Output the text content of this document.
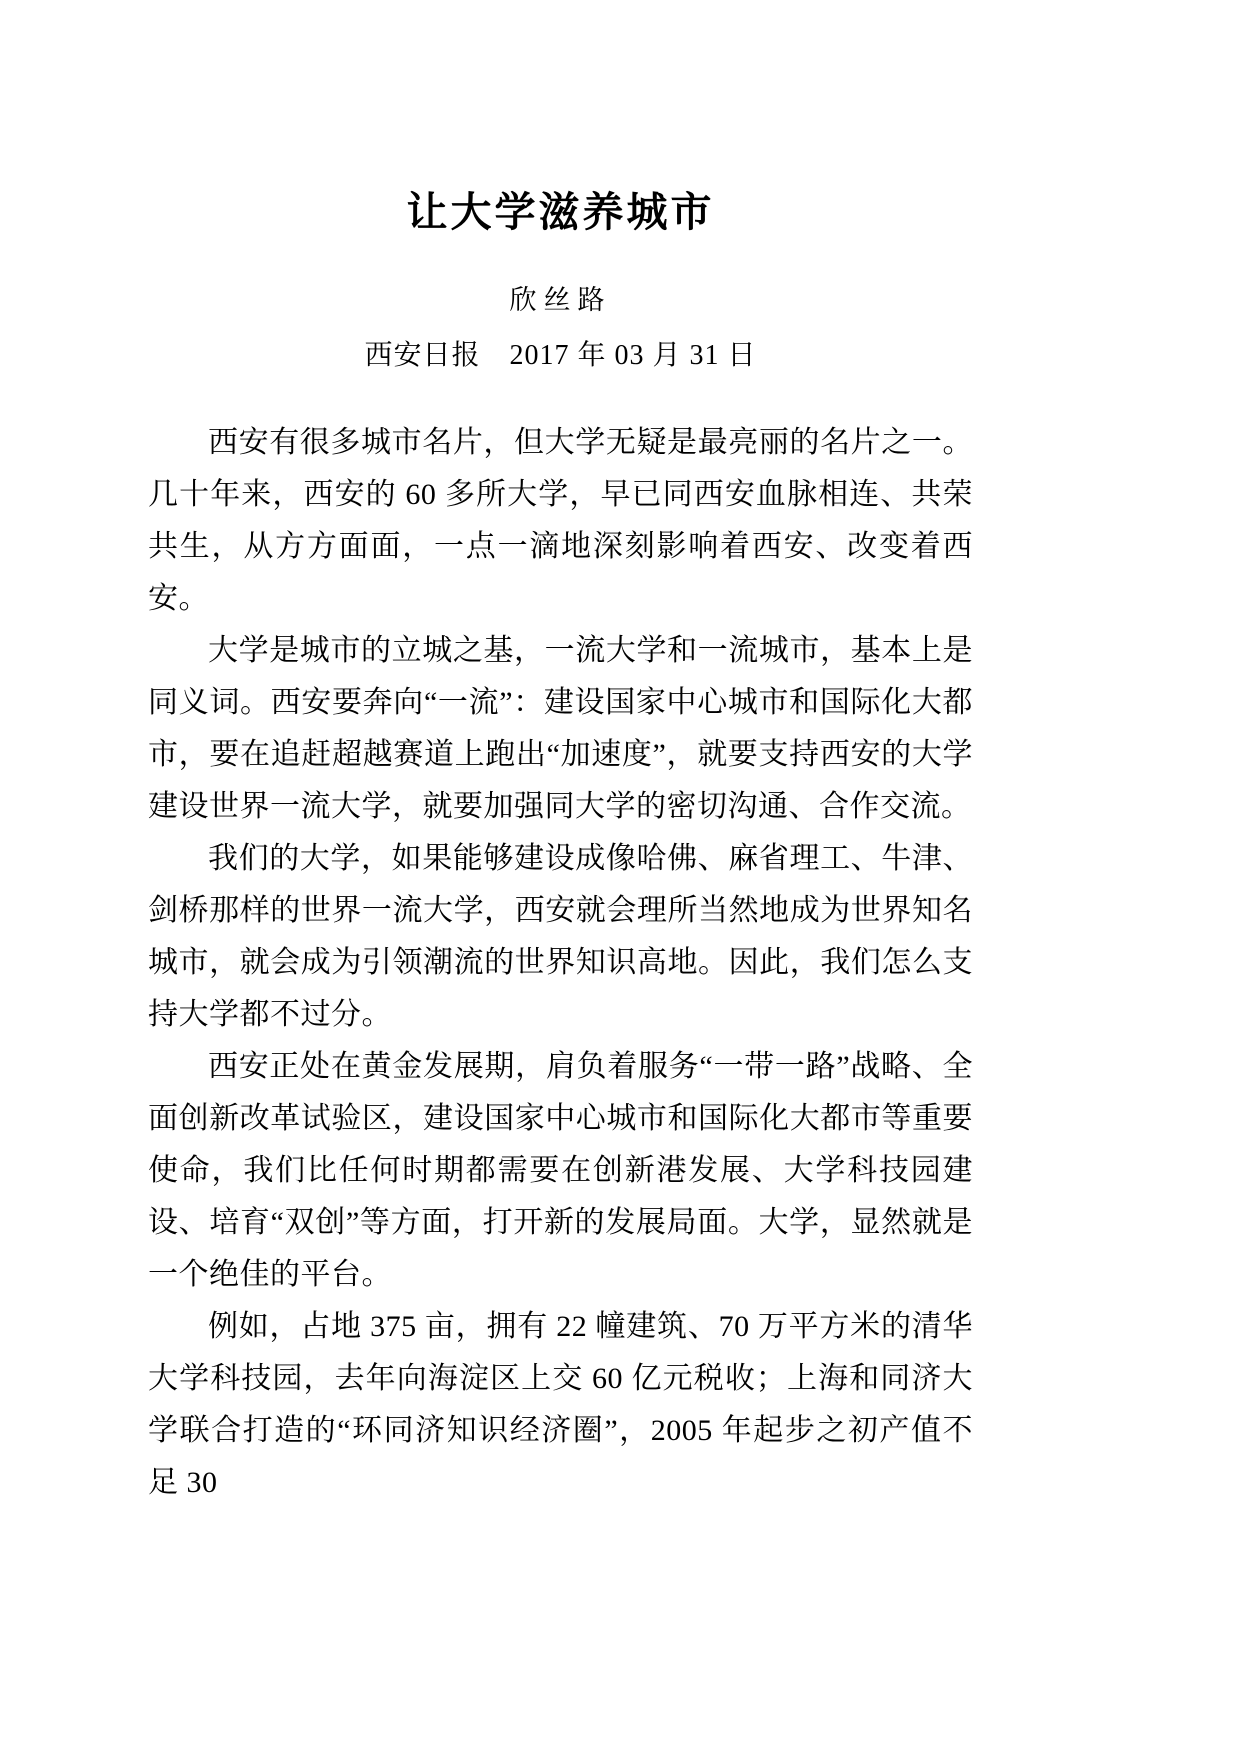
让大学滋养城市
欣丝路
西安日报　2017 年 03 月 31 日

西安有很多城市名片，但大学无疑是最亮丽的名片之一。几十年来，西安的 60 多所大学，早已同西安血脉相连、共荣共生，从方方面面，一点一滴地深刻影响着西安、改变着西安。

大学是城市的立城之基，一流大学和一流城市，基本上是同义词。西安要奔向“一流”：建设国家中心城市和国际化大都市，要在追赶超越赛道上跑出“加速度”，就要支持西安的大学建设世界一流大学，就要加强同大学的密切沟通、合作交流。

我们的大学，如果能够建设成像哈佛、麻省理工、牛津、剑桥那样的世界一流大学，西安就会理所当然地成为世界知名城市，就会成为引领潮流的世界知识高地。因此，我们怎么支持大学都不过分。

西安正处在黄金发展期，肩负着服务“一带一路”战略、全面创新改革试验区，建设国家中心城市和国际化大都市等重要使命，我们比任何时期都需要在创新港发展、大学科技园建设、培育“双创”等方面，打开新的发展局面。大学，显然就是一个绝佳的平台。

例如，占地 375 亩，拥有 22 幢建筑、70 万平方米的清华大学科技园，去年向海淀区上交 60 亿元税收；上海和同济大学联合打造的“环同济知识经济圈”，2005 年起步之初产值不足 30
